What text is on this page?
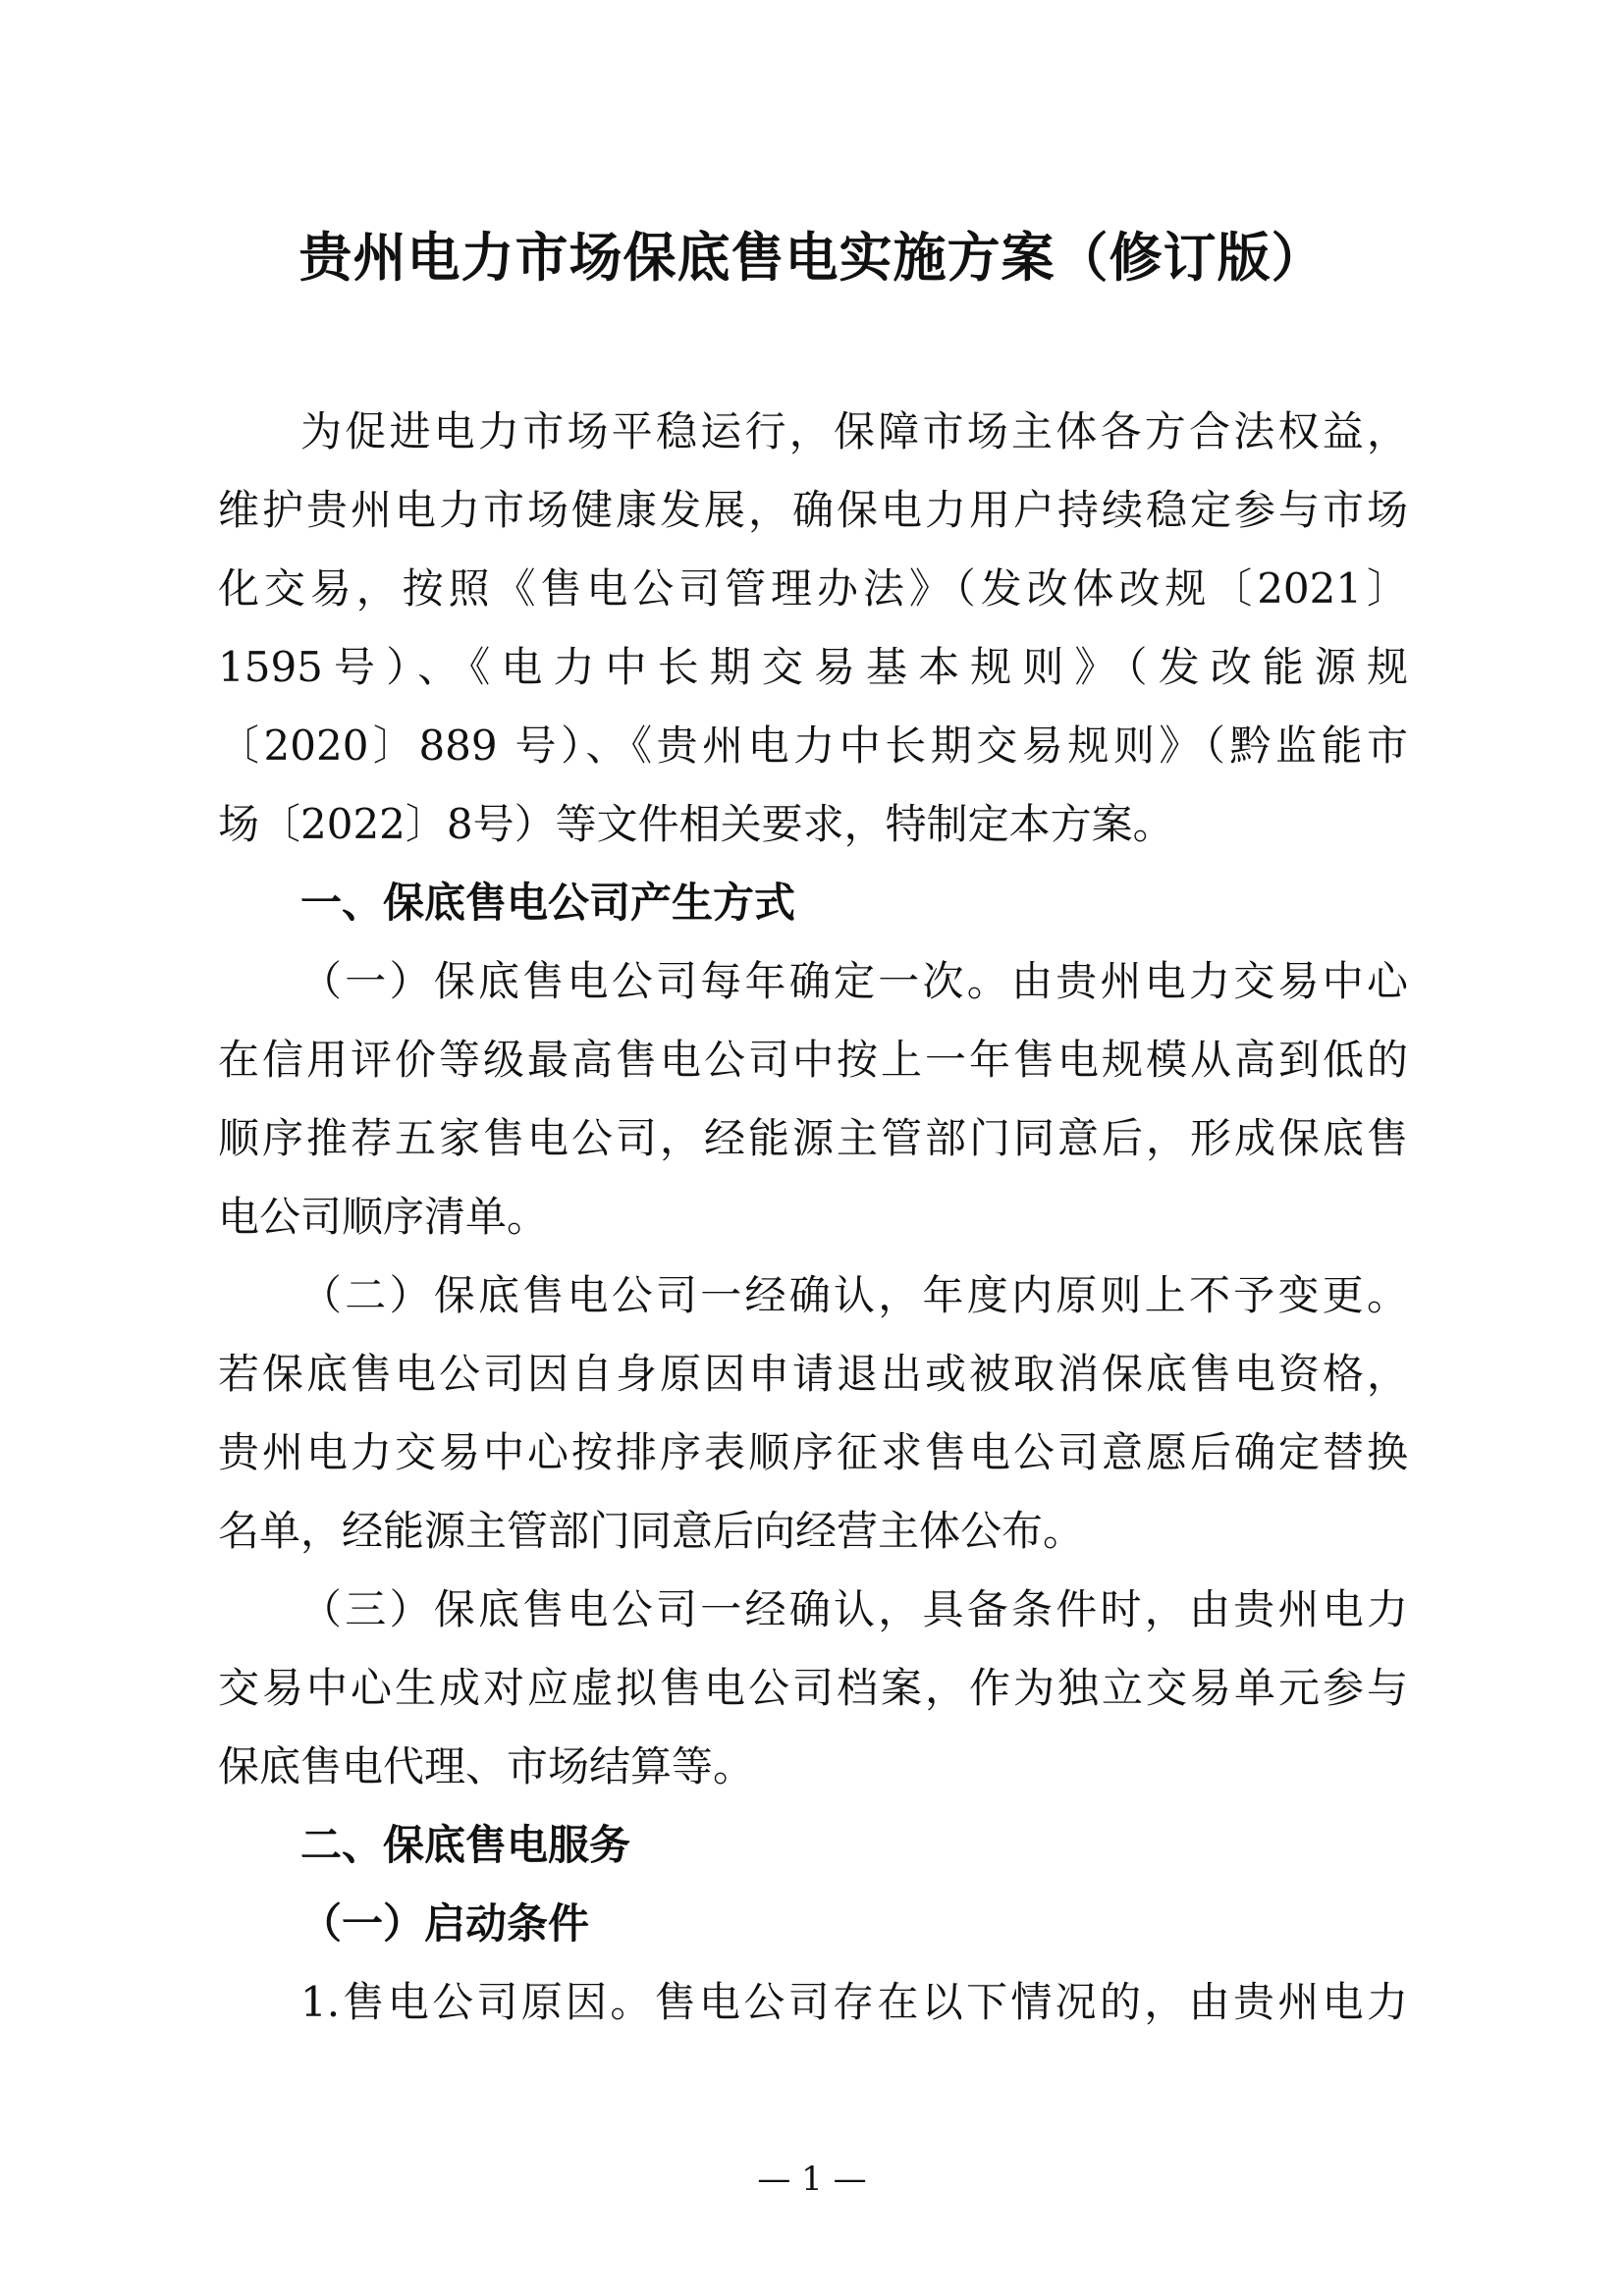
贵州电力市场保底售电实施方案（修订版）
为促进电力市场平稳运行，保障市场主体各方合法权益，
维护贵州电力市场健康发展，确保电力用户持续稳定参与市场
化交易，按照《售电公司管理办法》（发改体改规〔2021〕
1595号）、《电力中长期交易基本规则》（发改能源规
〔2020〕889 号）、《贵州电力中长期交易规则》（黔监能市
场〔2022〕8号）等文件相关要求，特制定本方案。
一、保底售电公司产生方式
（一）保底售电公司每年确定一次。由贵州电力交易中心
在信用评价等级最高售电公司中按上一年售电规模从高到低的
顺序推荐五家售电公司，经能源主管部门同意后，形成保底售
电公司顺序清单。
（二）保底售电公司一经确认，年度内原则上不予变更。
若保底售电公司因自身原因申请退出或被取消保底售电资格，
贵州电力交易中心按排序表顺序征求售电公司意愿后确定替换
名单，经能源主管部门同意后向经营主体公布。
（三）保底售电公司一经确认，具备条件时，由贵州电力
交易中心生成对应虚拟售电公司档案，作为独立交易单元参与
保底售电代理、市场结算等。
二、保底售电服务
（一）启动条件
1.售电公司原因。售电公司存在以下情况的，由贵州电力
— 1 —
